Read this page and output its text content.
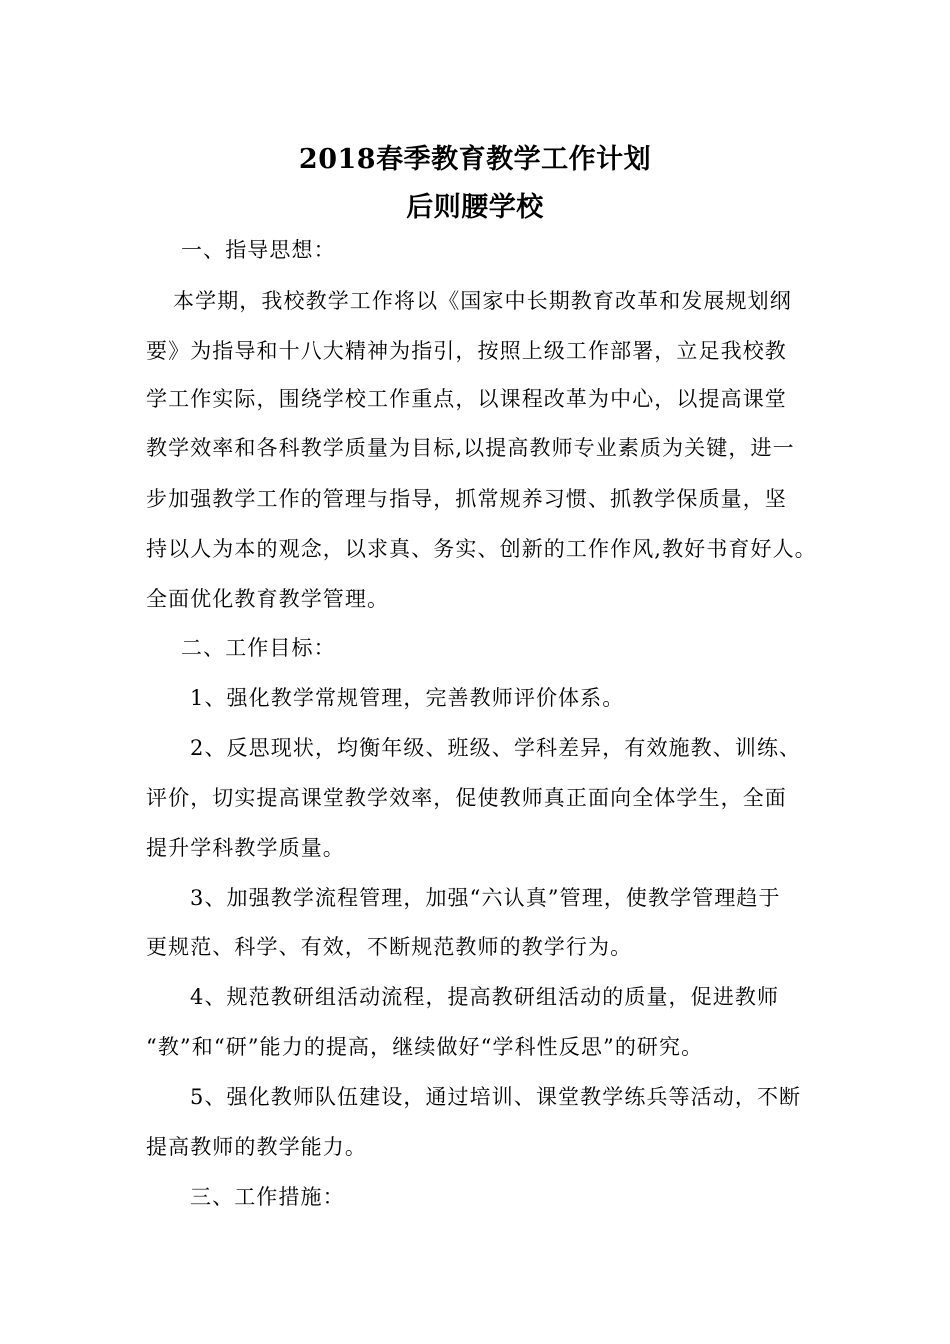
2018春季教育教学工作计划
后则腰学校
一、指导思想：
本学期，我校教学工作将以《国家中长期教育改革和发展规划纲
要》为指导和十八大精神为指引，按照上级工作部署，立足我校教
学工作实际，围绕学校工作重点，以课程改革为中心，以提高课堂
教学效率和各科教学质量为目标,以提高教师专业素质为关键，进一
步加强教学工作的管理与指导，抓常规养习惯、抓教学保质量，坚
持以人为本的观念，以求真、务实、创新的工作作风,教好书育好人。
全面优化教育教学管理。
二、工作目标：
1、强化教学常规管理，完善教师评价体系。
2、反思现状，均衡年级、班级、学科差异，有效施教、训练、
评价，切实提高课堂教学效率，促使教师真正面向全体学生，全面
提升学科教学质量。
3、加强教学流程管理，加强“六认真”管理，使教学管理趋于
更规范、科学、有效，不断规范教师的教学行为。
4、规范教研组活动流程，提高教研组活动的质量，促进教师
“教”和“研”能力的提高，继续做好“学科性反思”的研究。
5、强化教师队伍建设，通过培训、课堂教学练兵等活动，不断
提高教师的教学能力。
三、工作措施：
